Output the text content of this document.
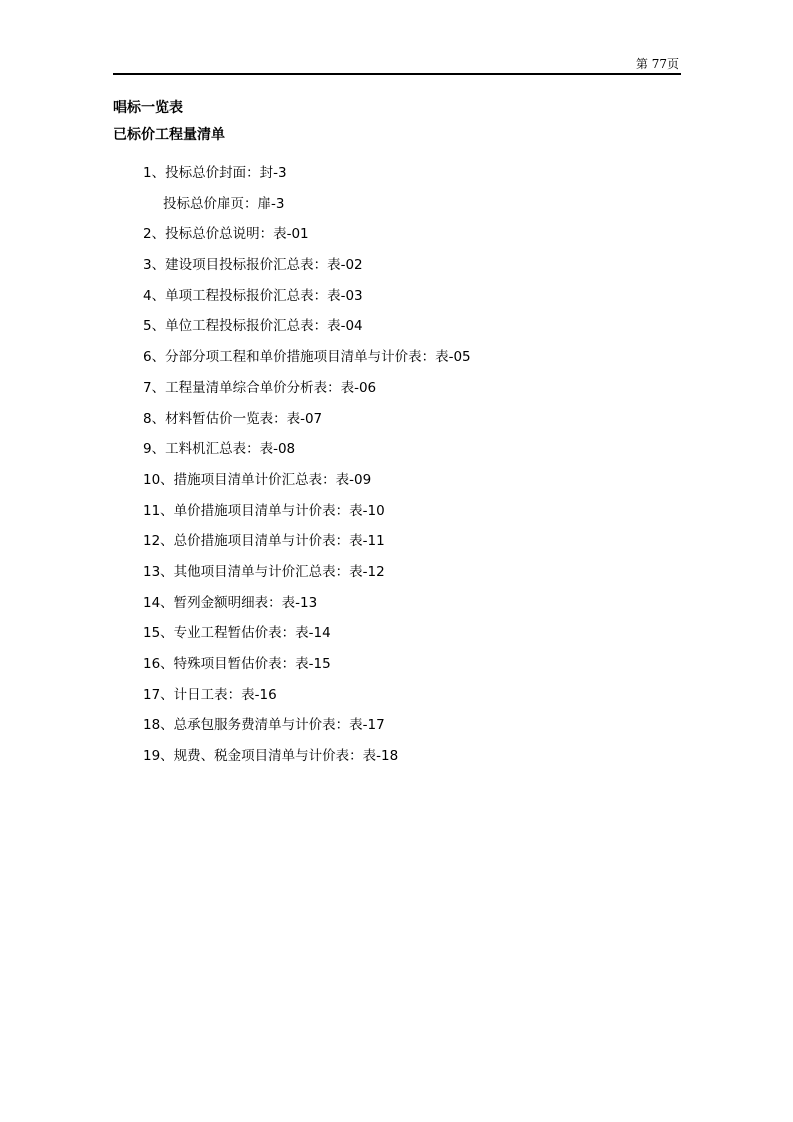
第 77页
唱标一览表
已标价工程量清单
1、投标总价封面：封-3
投标总价扉页：扉-3
2、投标总价总说明：表-01
3、建设项目投标报价汇总表：表-02
4、单项工程投标报价汇总表：表-03
5、单位工程投标报价汇总表：表-04
6、分部分项工程和单价措施项目清单与计价表：表-05
7、工程量清单综合单价分析表：表-06
8、材料暂估价一览表：表-07
9、工料机汇总表：表-08
10、措施项目清单计价汇总表：表-09
11、单价措施项目清单与计价表：表-10
12、总价措施项目清单与计价表：表-11
13、其他项目清单与计价汇总表：表-12
14、暂列金额明细表：表-13
15、专业工程暂估价表：表-14
16、特殊项目暂估价表：表-15
17、计日工表：表-16
18、总承包服务费清单与计价表：表-17
19、规费、税金项目清单与计价表：表-18
